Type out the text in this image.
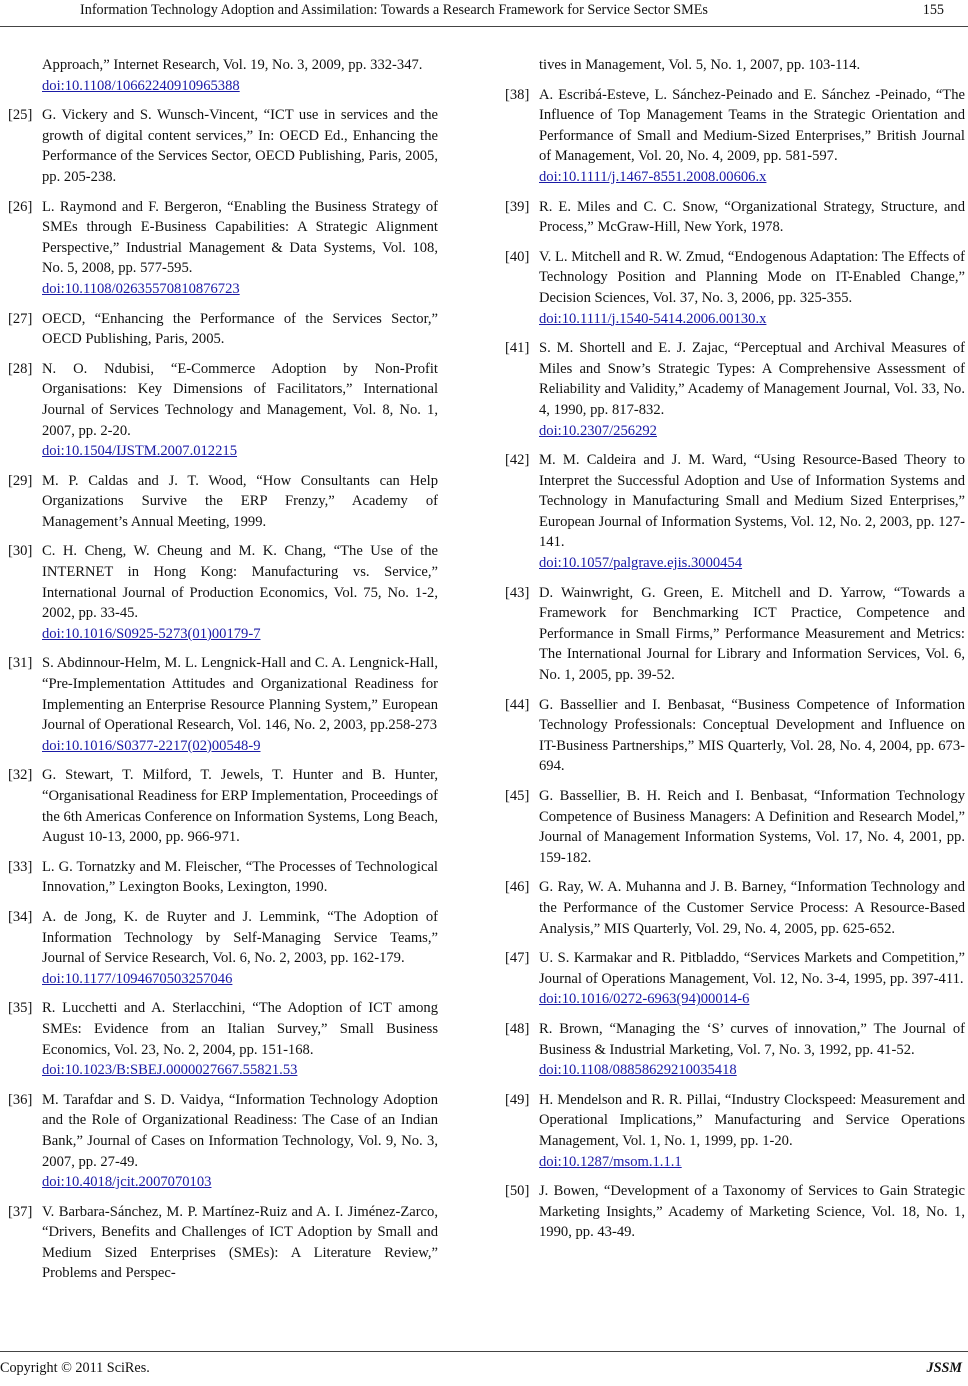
Information Technology Adoption and Assimilation: Towards a Research Framework for Service Sector SMEs	155
Approach,” Internet Research, Vol. 19, No. 3, 2009, pp. 332-347.
doi:10.1108/10662240910965388
[25] G. Vickery and S. Wunsch-Vincent, “ICT use in services and the growth of digital content services,” In: OECD Ed., Enhancing the Performance of the Services Sector, OECD Publishing, Paris, 2005, pp. 205-238.
[26] L. Raymond and F. Bergeron, “Enabling the Business Strategy of SMEs through E-Business Capabilities: A Strategic Alignment Perspective,” Industrial Management & Data Systems, Vol. 108, No. 5, 2008, pp. 577-595.
doi:10.1108/02635570810876723
[27] OECD, “Enhancing the Performance of the Services Sector,” OECD Publishing, Paris, 2005.
[28] N. O. Ndubisi, “E-Commerce Adoption by Non-Profit Organisations: Key Dimensions of Facilitators,” International Journal of Services Technology and Management, Vol. 8, No. 1, 2007, pp. 2-20.
doi:10.1504/IJSTM.2007.012215
[29] M. P. Caldas and J. T. Wood, “How Consultants can Help Organizations Survive the ERP Frenzy,” Academy of Management’s Annual Meeting, 1999.
[30] C. H. Cheng, W. Cheung and M. K. Chang, “The Use of the INTERNET in Hong Kong: Manufacturing vs. Service,” International Journal of Production Economics, Vol. 75, No. 1-2, 2002, pp. 33-45.
doi:10.1016/S0925-5273(01)00179-7
[31] S. Abdinnour-Helm, M. L. Lengnick-Hall and C. A. Lengnick-Hall, “Pre-Implementation Attitudes and Organizational Readiness for Implementing an Enterprise Resource Planning System,” European Journal of Operational Research, Vol. 146, No. 2, 2003, pp.258-273
doi:10.1016/S0377-2217(02)00548-9
[32] G. Stewart, T. Milford, T. Jewels, T. Hunter and B. Hunter, “Organisational Readiness for ERP Implementation, Proceedings of the 6th Americas Conference on Information Systems, Long Beach, August 10-13, 2000, pp. 966-971.
[33] L. G. Tornatzky and M. Fleischer, “The Processes of Technological Innovation,” Lexington Books, Lexington, 1990.
[34] A. de Jong, K. de Ruyter and J. Lemmink, “The Adoption of Information Technology by Self-Managing Service Teams,” Journal of Service Research, Vol. 6, No. 2, 2003, pp. 162-179.
doi:10.1177/1094670503257046
[35] R. Lucchetti and A. Sterlacchini, “The Adoption of ICT among SMEs: Evidence from an Italian Survey,” Small Business Economics, Vol. 23, No. 2, 2004, pp. 151-168.
doi:10.1023/B:SBEJ.0000027667.55821.53
[36] M. Tarafdar and S. D. Vaidya, “Information Technology Adoption and the Role of Organizational Readiness: The Case of an Indian Bank,” Journal of Cases on Information Technology, Vol. 9, No. 3, 2007, pp. 27-49.
doi:10.4018/jcit.2007070103
[37] V. Barbara-Sánchez, M. P. Martínez-Ruiz and A. I. Jiménez-Zarco, “Drivers, Benefits and Challenges of ICT Adoption by Small and Medium Sized Enterprises (SMEs): A Literature Review,” Problems and Perspec-
tives in Management, Vol. 5, No. 1, 2007, pp. 103-114.
[38] A. Escribá-Esteve, L. Sánchez-Peinado and E. Sánchez -Peinado, “The Influence of Top Management Teams in the Strategic Orientation and Performance of Small and Medium-Sized Enterprises,” British Journal of Management, Vol. 20, No. 4, 2009, pp. 581-597.
doi:10.1111/j.1467-8551.2008.00606.x
[39] R. E. Miles and C. C. Snow, “Organizational Strategy, Structure, and Process,” McGraw-Hill, New York, 1978.
[40] V. L. Mitchell and R. W. Zmud, “Endogenous Adaptation: The Effects of Technology Position and Planning Mode on IT-Enabled Change,” Decision Sciences, Vol. 37, No. 3, 2006, pp. 325-355.
doi:10.1111/j.1540-5414.2006.00130.x
[41] S. M. Shortell and E. J. Zajac, “Perceptual and Archival Measures of Miles and Snow’s Strategic Types: A Comprehensive Assessment of Reliability and Validity,” Academy of Management Journal, Vol. 33, No. 4, 1990, pp. 817-832.
doi:10.2307/256292
[42] M. M. Caldeira and J. M. Ward, “Using Resource-Based Theory to Interpret the Successful Adoption and Use of Information Systems and Technology in Manufacturing Small and Medium Sized Enterprises,” European Journal of Information Systems, Vol. 12, No. 2, 2003, pp. 127-141.
doi:10.1057/palgrave.ejis.3000454
[43] D. Wainwright, G. Green, E. Mitchell and D. Yarrow, “Towards a Framework for Benchmarking ICT Practice, Competence and Performance in Small Firms,” Performance Measurement and Metrics: The International Journal for Library and Information Services, Vol. 6, No. 1, 2005, pp. 39-52.
[44] G. Bassellier and I. Benbasat, “Business Competence of Information Technology Professionals: Conceptual Development and Influence on IT-Business Partnerships,” MIS Quarterly, Vol. 28, No. 4, 2004, pp. 673-694.
[45] G. Bassellier, B. H. Reich and I. Benbasat, “Information Technology Competence of Business Managers: A Definition and Research Model,” Journal of Management Information Systems, Vol. 17, No. 4, 2001, pp. 159-182.
[46] G. Ray, W. A. Muhanna and J. B. Barney, “Information Technology and the Performance of the Customer Service Process: A Resource-Based Analysis,” MIS Quarterly, Vol. 29, No. 4, 2005, pp. 625-652.
[47] U. S. Karmakar and R. Pitbladdo, “Services Markets and Competition,” Journal of Operations Management, Vol. 12, No. 3-4, 1995, pp. 397-411.
doi:10.1016/0272-6963(94)00014-6
[48] R. Brown, “Managing the ‘S’ curves of innovation,” The Journal of Business & Industrial Marketing, Vol. 7, No. 3, 1992, pp. 41-52.
doi:10.1108/08858629210035418
[49] H. Mendelson and R. R. Pillai, “Industry Clockspeed: Measurement and Operational Implications,” Manufacturing and Service Operations Management, Vol. 1, No. 1, 1999, pp. 1-20.
doi:10.1287/msom.1.1.1
[50] J. Bowen, “Development of a Taxonomy of Services to Gain Strategic Marketing Insights,” Academy of Marketing Science, Vol. 18, No. 1, 1990, pp. 43-49.
Copyright © 2011 SciRes.	JSSM
